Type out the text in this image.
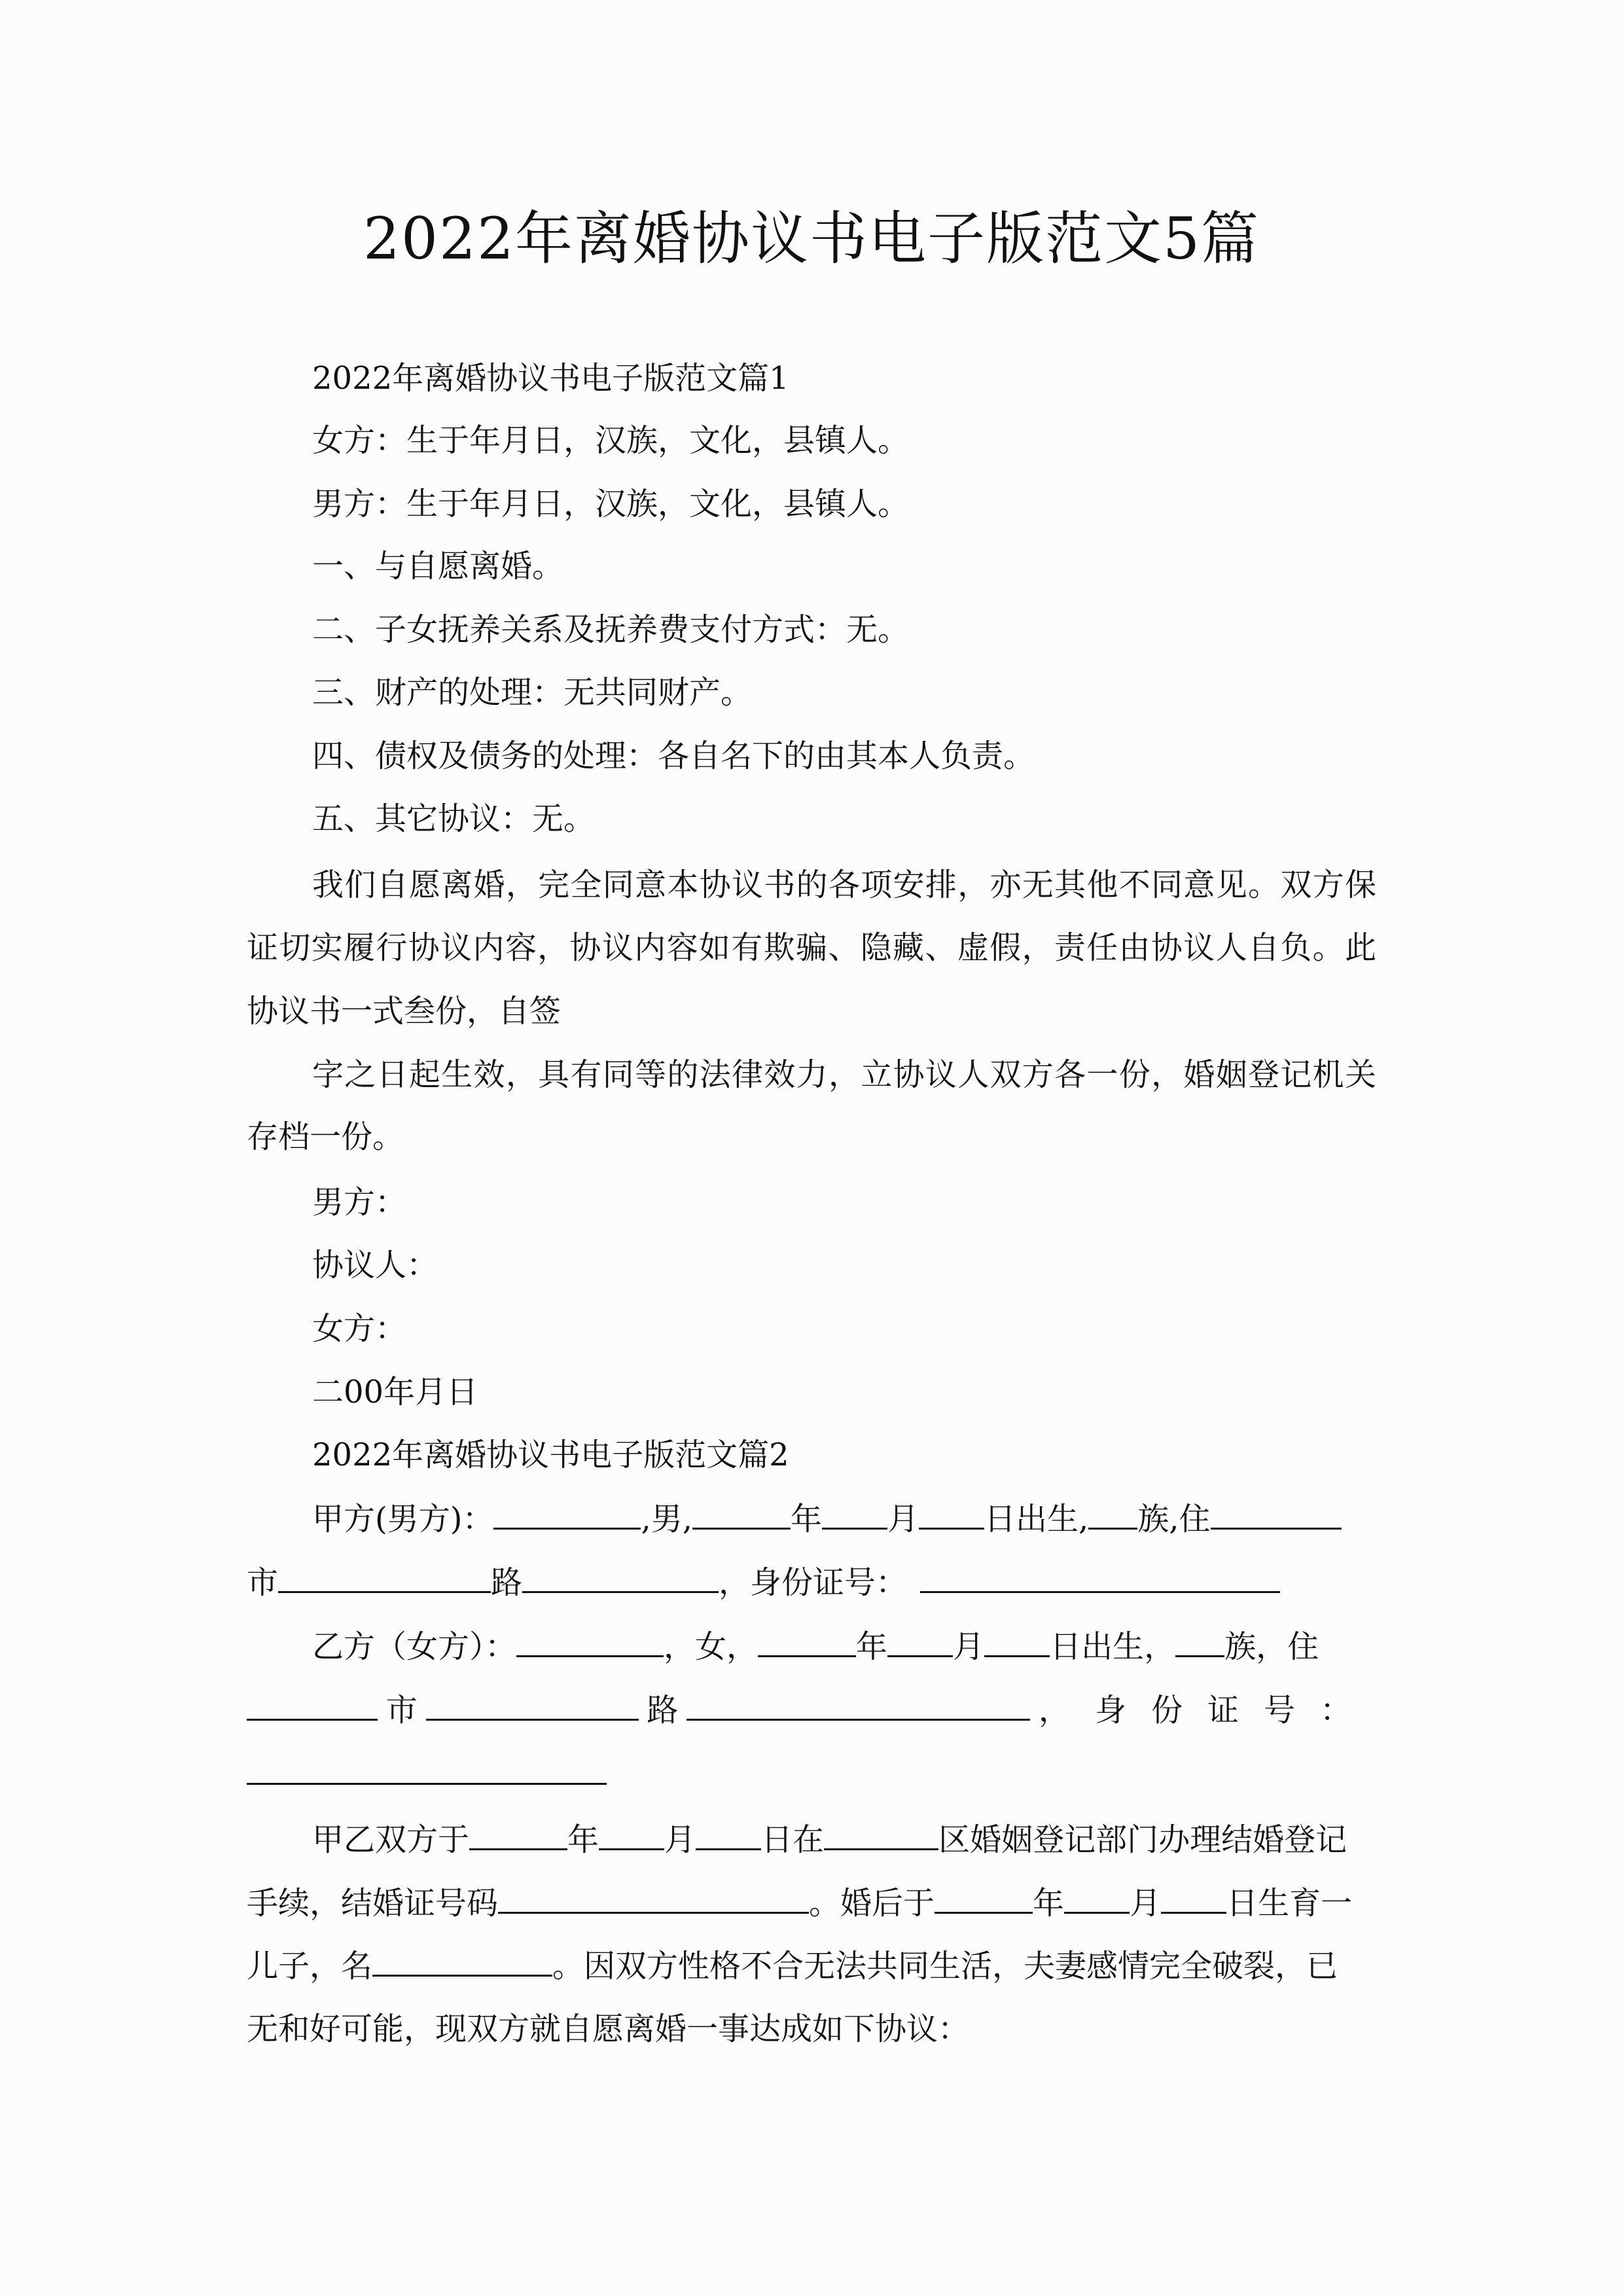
2022年离婚协议书电子版范文5篇
2022年离婚协议书电子版范文篇1
女方：生于年月日，汉族，文化，县镇人。
男方：生于年月日，汉族，文化，县镇人。
一、与自愿离婚。
二、子女抚养关系及抚养费支付方式：无。
三、财产的处理：无共同财产。
四、债权及债务的处理：各自名下的由其本人负责。
五、其它协议：无。
我们自愿离婚，完全同意本协议书的各项安排，亦无其他不同意见。双方保
证切实履行协议内容，协议内容如有欺骗、隐藏、虚假，责任由协议人自负。此
协议书一式叁份，自签
字之日起生效，具有同等的法律效力，立协议人双方各一份，婚姻登记机关
存档一份。
男方：
协议人：
女方：
二00年月日
2022年离婚协议书电子版范文篇2
甲方(男方)：	,男,	年 月 日出生, 族,住
市	路	，身份证号：
乙方（女方）：	，女，	年 月 日出生， 族，住
市	路	，身份证号：
甲乙双方于	年 月 日在	区婚姻登记部门办理结婚登记
手续，结婚证号码	。婚后于	年 月 日生育一
儿子，名	。因双方性格不合无法共同生活，夫妻感情完全破裂，已
无和好可能，现双方就自愿离婚一事达成如下协议：
